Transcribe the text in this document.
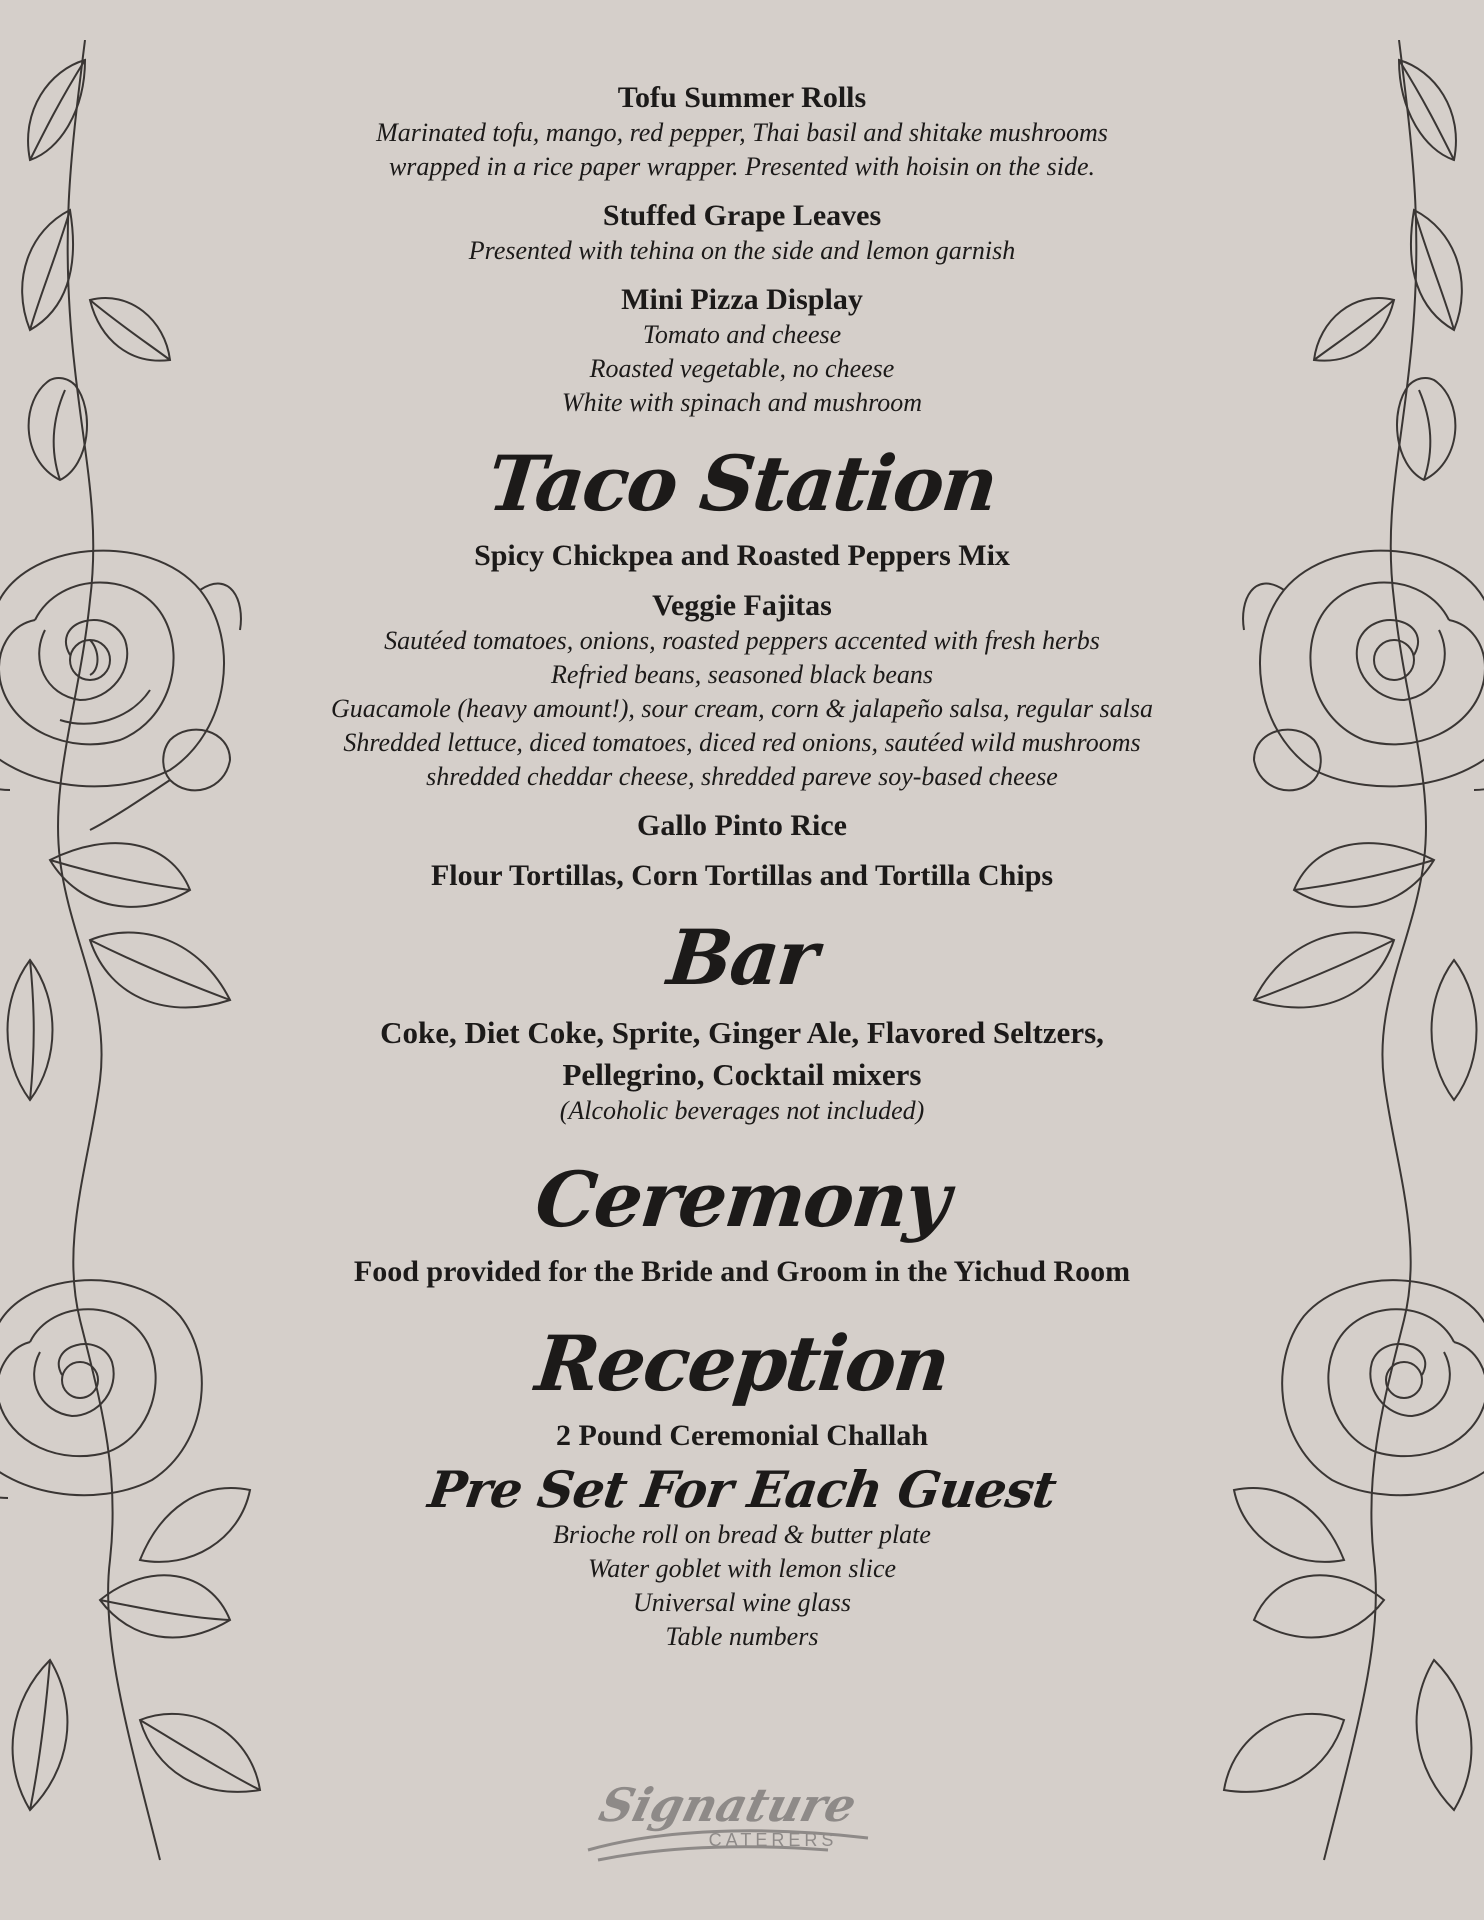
Tofu Summer Rolls
Marinated tofu, mango, red pepper, Thai basil and shitake mushrooms
wrapped in a rice paper wrapper. Presented with hoisin on the side.
Stuffed Grape Leaves
Presented with tehina on the side and lemon garnish
Mini Pizza Display
Tomato and cheese
Roasted vegetable, no cheese
White with spinach and mushroom
Taco Station
Spicy Chickpea and Roasted Peppers Mix
Veggie Fajitas
Sautéed tomatoes, onions, roasted peppers accented with fresh herbs
Refried beans, seasoned black beans
Guacamole (heavy amount!), sour cream, corn & jalapeño salsa, regular salsa
Shredded lettuce, diced tomatoes, diced red onions, sautéed wild mushrooms
shredded cheddar cheese, shredded pareve soy-based cheese
Gallo Pinto Rice
Flour Tortillas, Corn Tortillas and Tortilla Chips
Bar
Coke, Diet Coke, Sprite, Ginger Ale, Flavored Seltzers,
Pellegrino, Cocktail mixers
(Alcoholic beverages not included)
Ceremony
Food provided for the Bride and Groom in the Yichud Room
Reception
2 Pound Ceremonial Challah
Pre Set For Each Guest
Brioche roll on bread & butter plate
Water goblet with lemon slice
Universal wine glass
Table numbers
Signature
CATERERS
